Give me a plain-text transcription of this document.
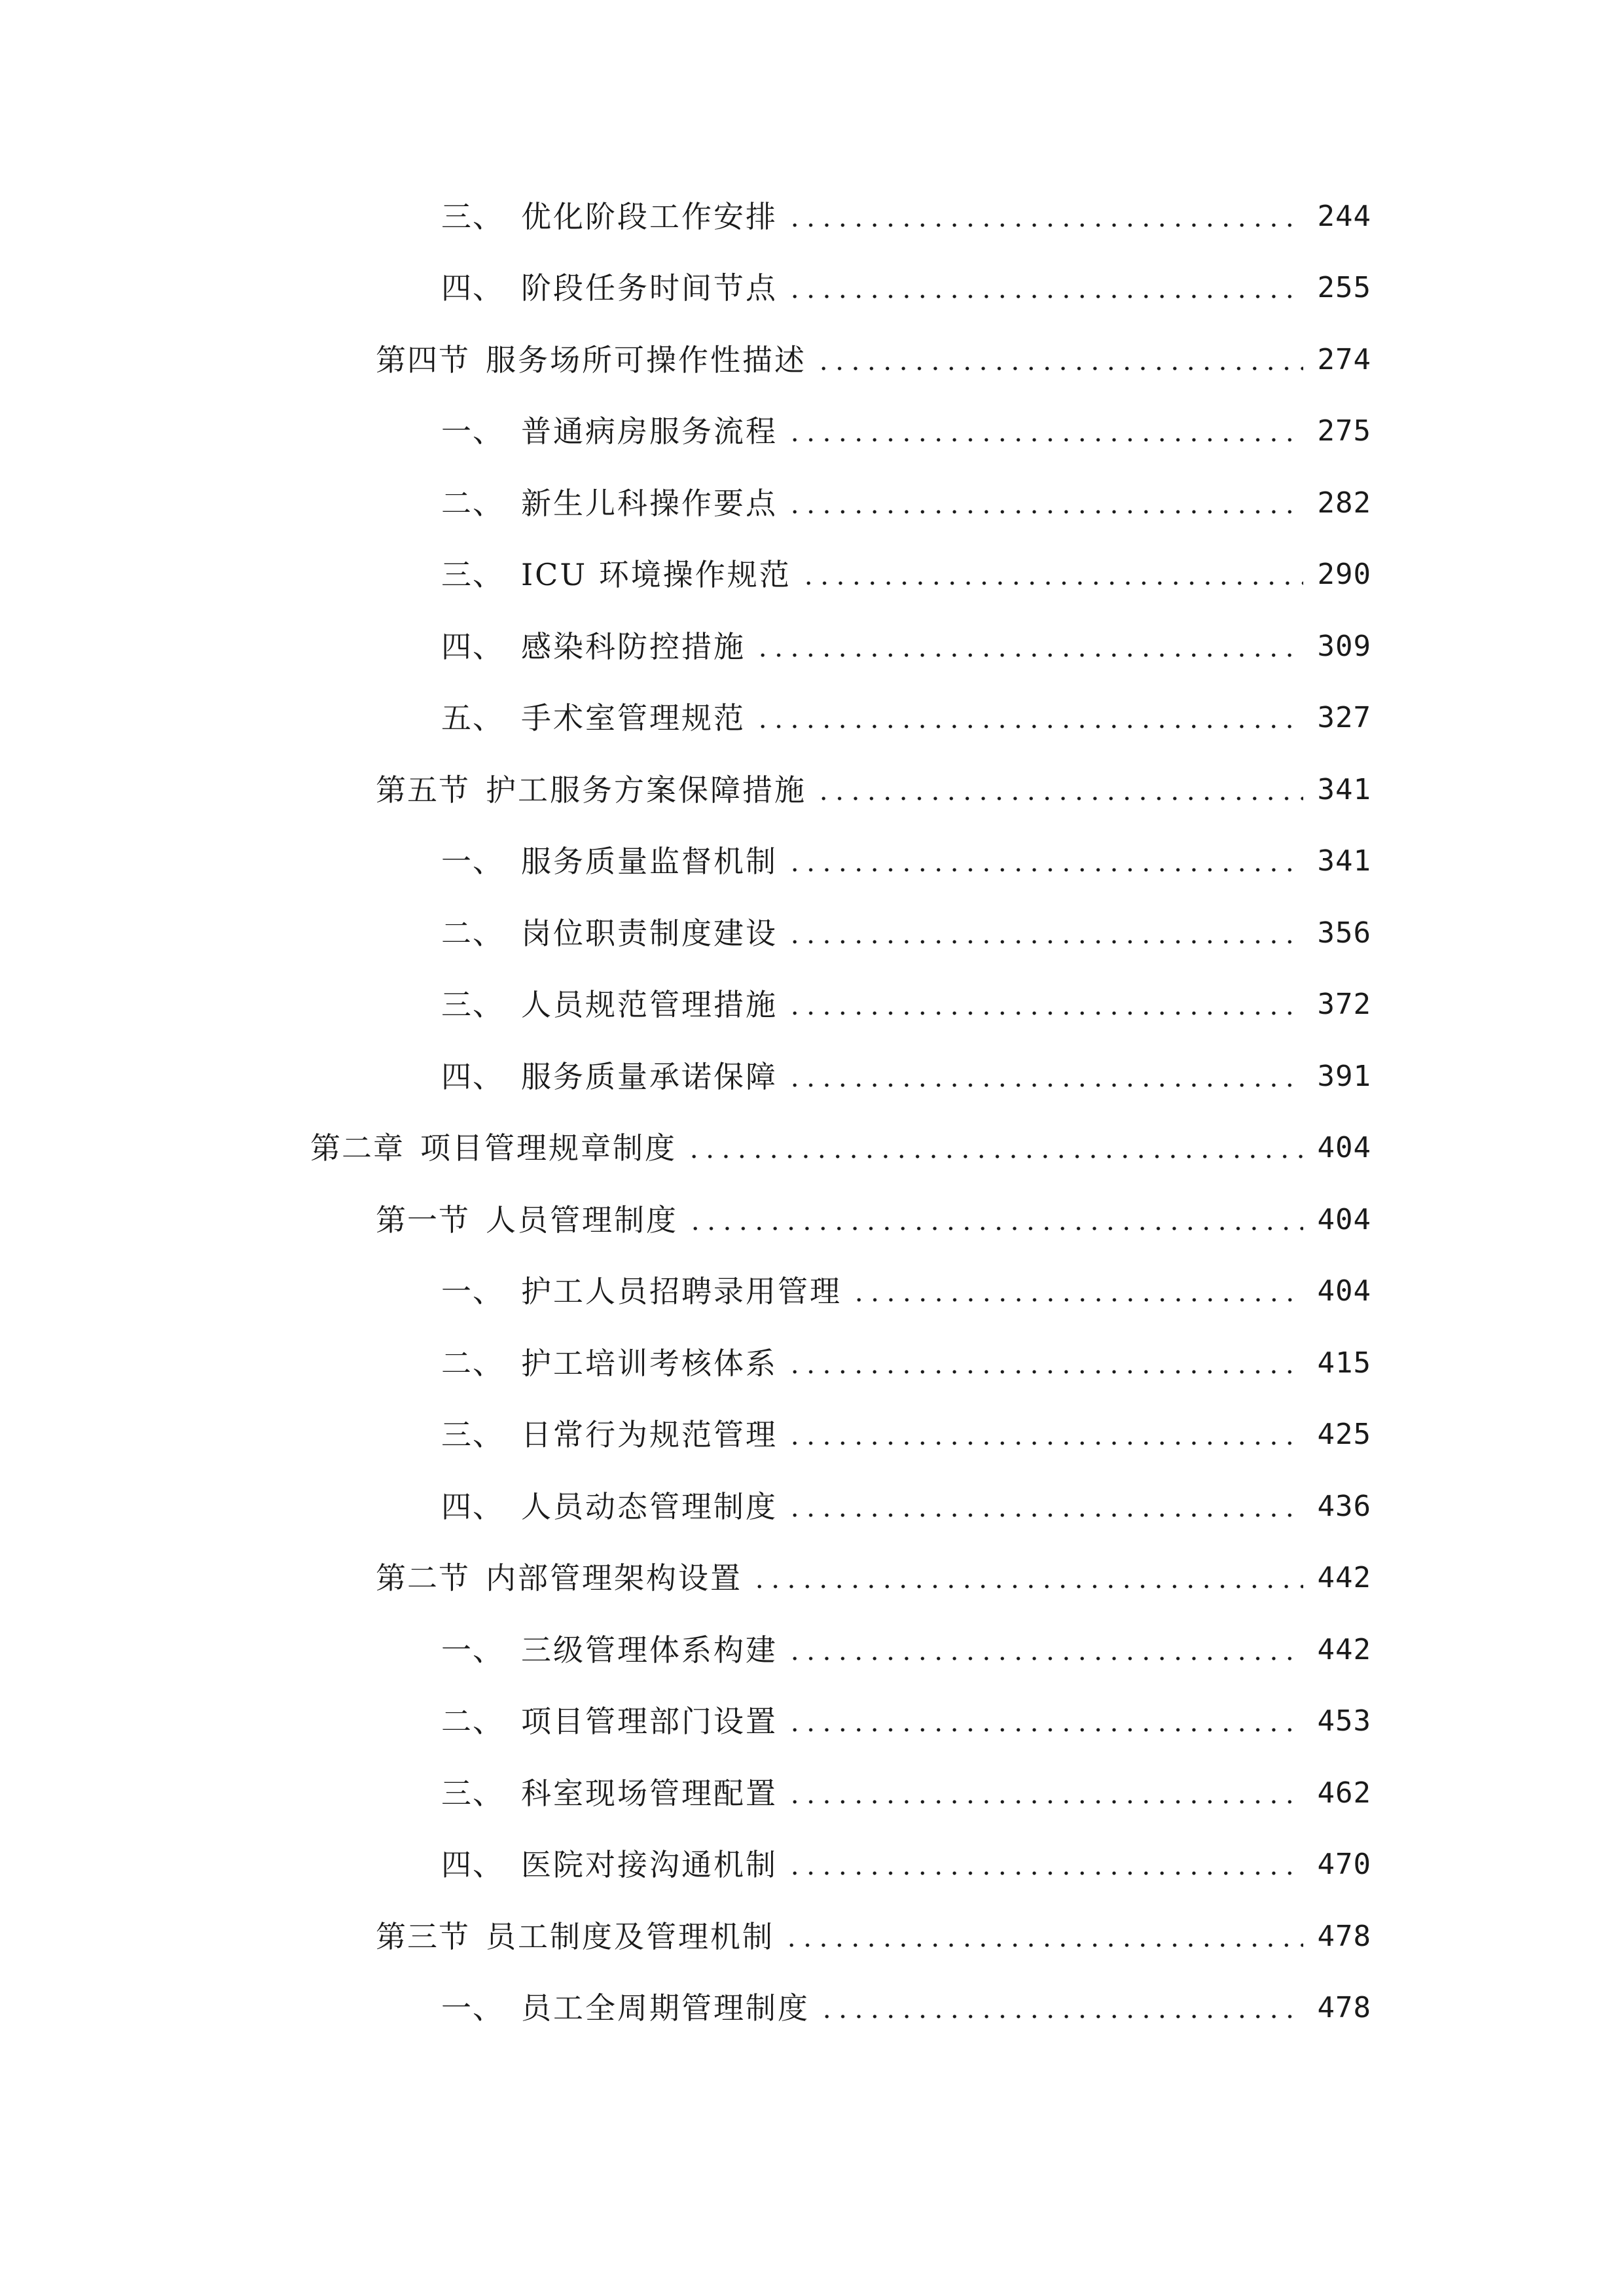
三、 优化阶段工作安排	244
四、 阶段任务时间节点	255
第四节 服务场所可操作性描述	274
一、 普通病房服务流程	275
二、 新生儿科操作要点	282
三、 ICU 环境操作规范	290
四、 感染科防控措施	309
五、 手术室管理规范	327
第五节 护工服务方案保障措施	341
一、 服务质量监督机制	341
二、 岗位职责制度建设	356
三、 人员规范管理措施	372
四、 服务质量承诺保障	391
第二章 项目管理规章制度	404
第一节 人员管理制度	404
一、 护工人员招聘录用管理	404
二、 护工培训考核体系	415
三、 日常行为规范管理	425
四、 人员动态管理制度	436
第二节 内部管理架构设置	442
一、 三级管理体系构建	442
二、 项目管理部门设置	453
三、 科室现场管理配置	462
四、 医院对接沟通机制	470
第三节 员工制度及管理机制	478
一、 员工全周期管理制度	478
